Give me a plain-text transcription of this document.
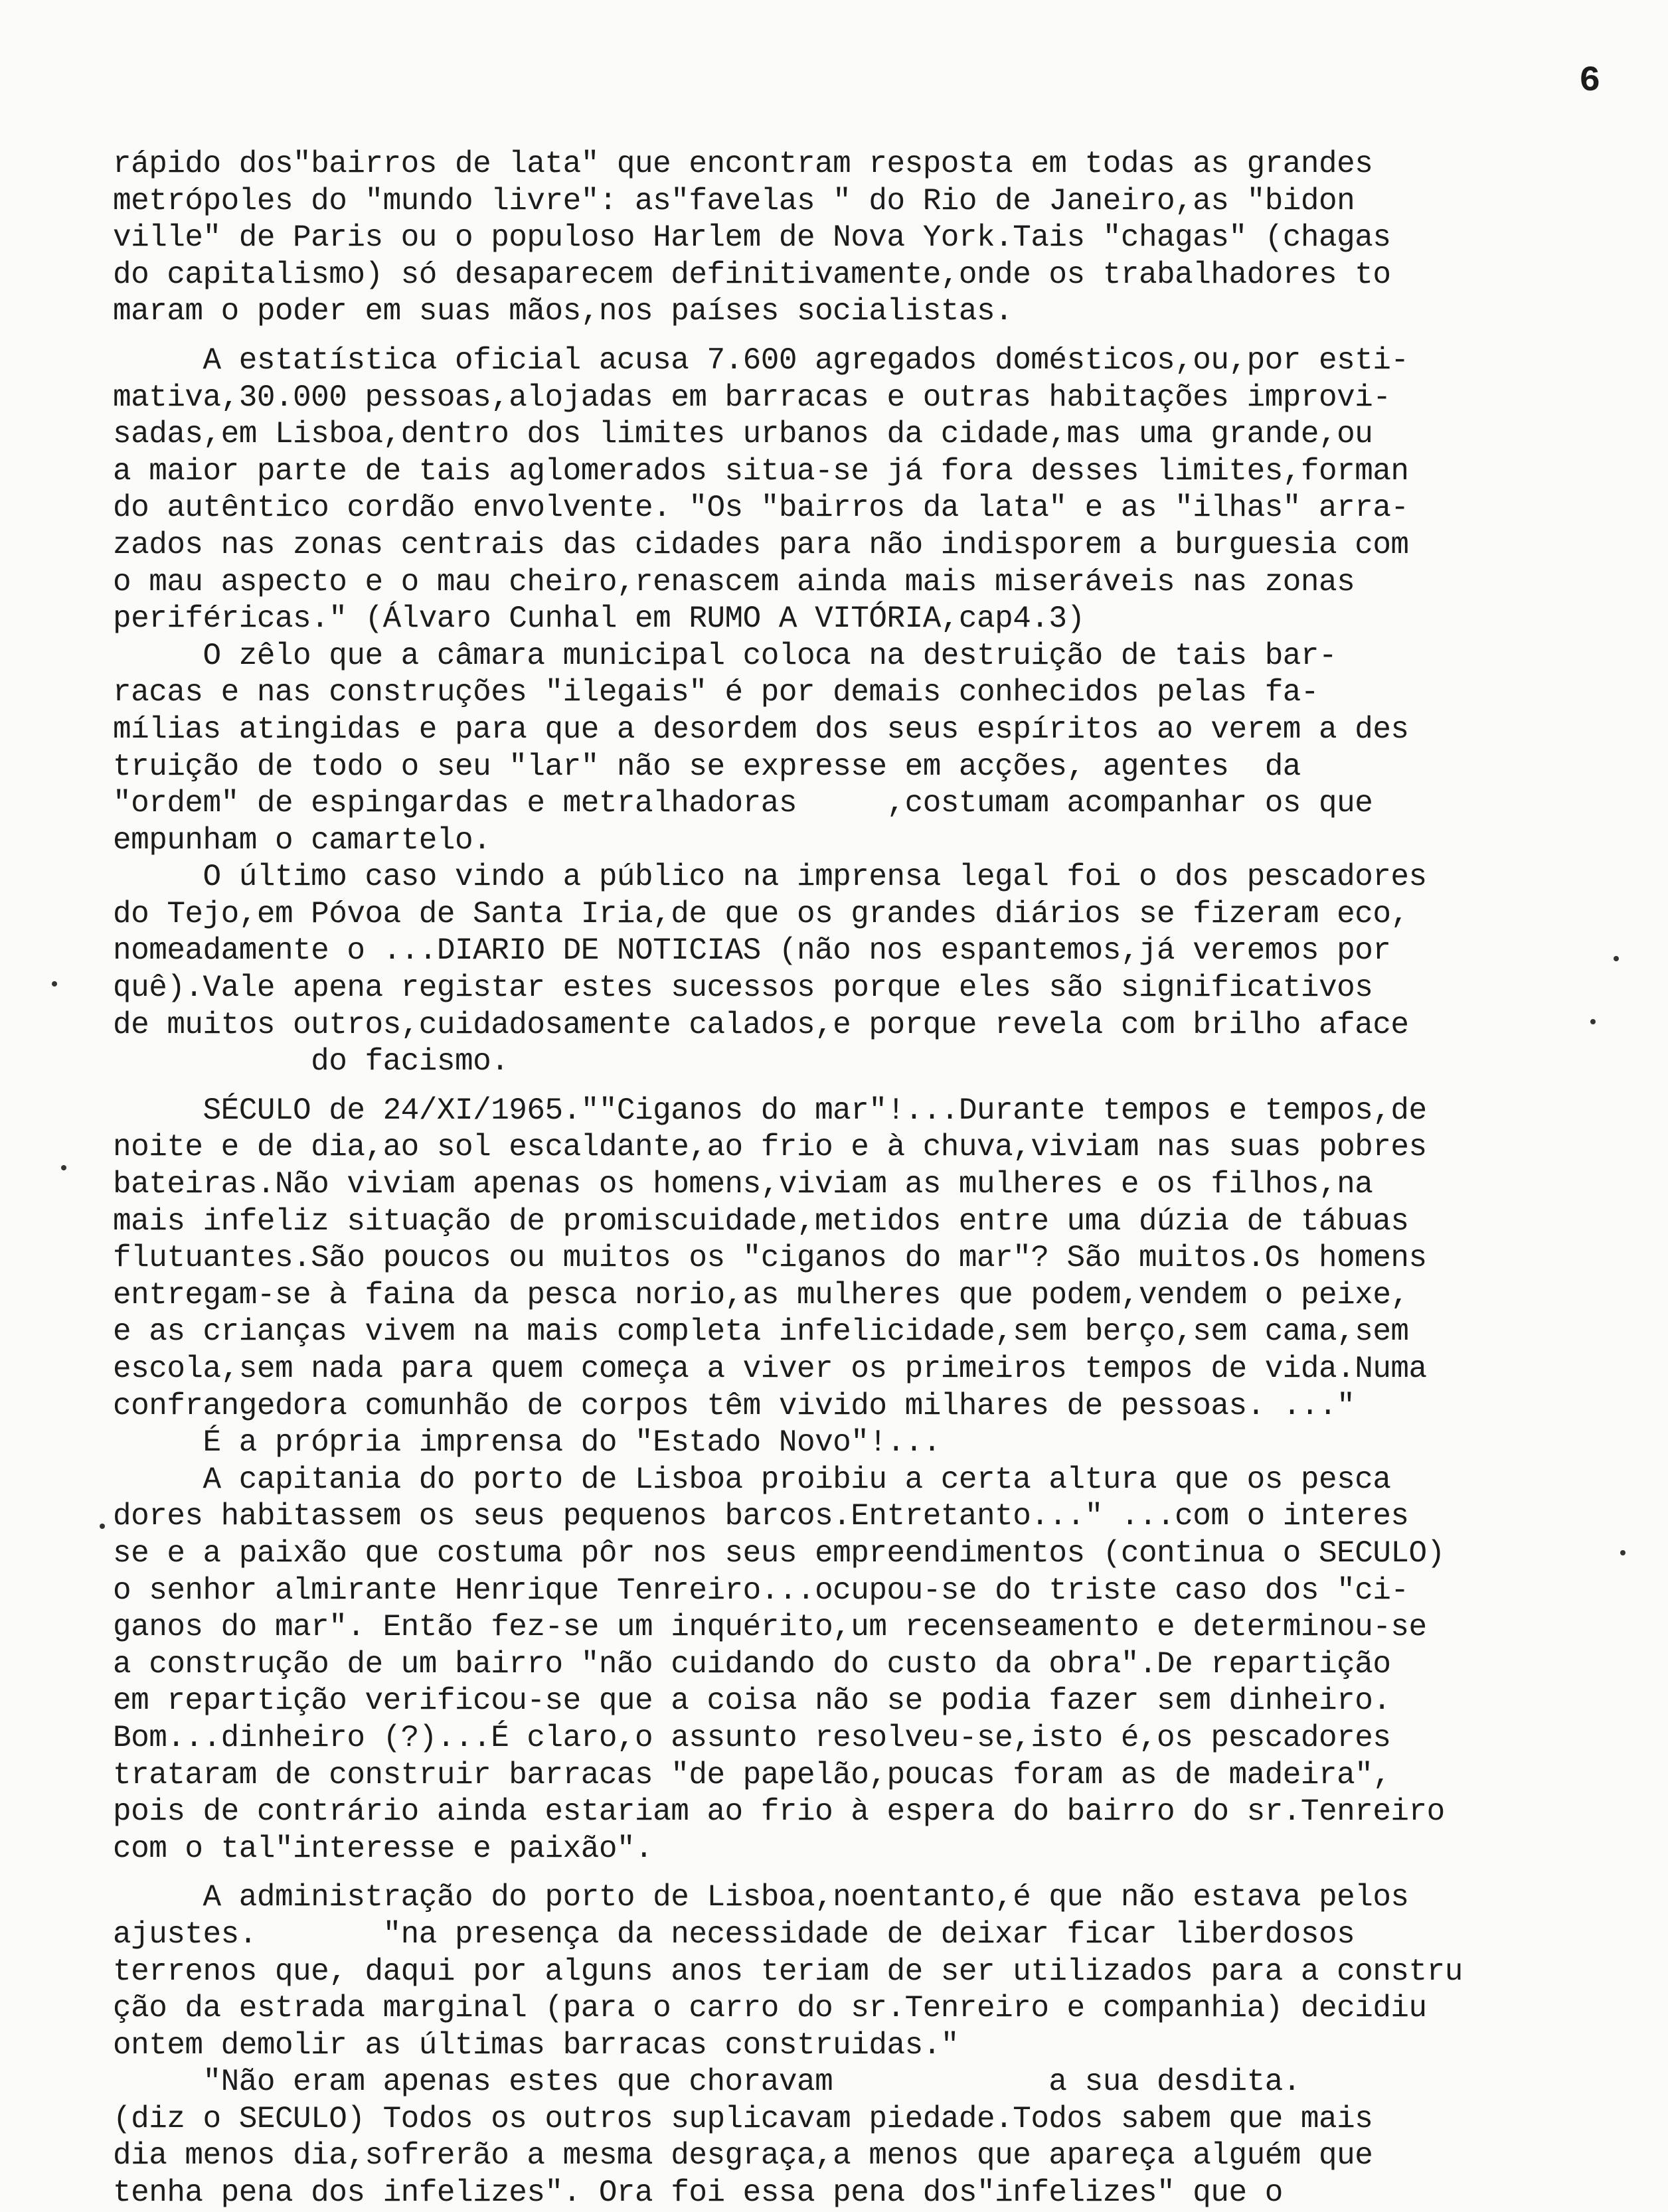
6
rápido dos"bairros de lata" que encontram resposta em todas as grandes
metrópoles do "mundo livre": as"favelas " do Rio de Janeiro,as "bidon
ville" de Paris ou o populoso Harlem de Nova York.Tais "chagas" (chagas
do capitalismo) só desaparecem definitivamente,onde os trabalhadores to
maram o poder em suas mãos,nos países socialistas.
A estatística oficial acusa 7.600 agregados domésticos,ou,por esti-
mativa,30.000 pessoas,alojadas em barracas e outras habitações improvi-
sadas,em Lisboa,dentro dos limites urbanos da cidade,mas uma grande,ou
a maior parte de tais aglomerados situa-se já fora desses limites,forman
do autêntico cordão envolvente. "Os "bairros da lata" e as "ilhas" arra-
zados nas zonas centrais das cidades para não indisporem a burguesia com
o mau aspecto e o mau cheiro,renascem ainda mais miseráveis nas zonas
periféricas." (Álvaro Cunhal em RUMO A VITÓRIA,cap4.3)
O zêlo que a câmara municipal coloca na destruição de tais bar-
racas e nas construções "ilegais" é por demais conhecidos pelas fa-
mílias atingidas e para que a desordem dos seus espíritos ao verem a des
truição de todo o seu "lar" não se expresse em acções, agentes  da
"ordem" de espingardas e metralhadoras     ,costumam acompanhar os que
empunham o camartelo.
O último caso vindo a público na imprensa legal foi o dos pescadores
do Tejo,em Póvoa de Santa Iria,de que os grandes diários se fizeram eco,
nomeadamente o ...DIARIO DE NOTICIAS (não nos espantemos,já veremos por
quê).Vale apena registar estes sucessos porque eles são significativos
de muitos outros,cuidadosamente calados,e porque revela com brilho aface
do facismo.
SÉCULO de 24/XI/1965.""Ciganos do mar"!...Durante tempos e tempos,de
noite e de dia,ao sol escaldante,ao frio e à chuva,viviam nas suas pobres
bateiras.Não viviam apenas os homens,viviam as mulheres e os filhos,na
mais infeliz situação de promiscuidade,metidos entre uma dúzia de tábuas
flutuantes.São poucos ou muitos os "ciganos do mar"? São muitos.Os homens
entregam-se à faina da pesca norio,as mulheres que podem,vendem o peixe,
e as crianças vivem na mais completa infelicidade,sem berço,sem cama,sem
escola,sem nada para quem começa a viver os primeiros tempos de vida.Numa
confrangedora comunhão de corpos têm vivido milhares de pessoas. ..."
É a própria imprensa do "Estado Novo"!...
A capitania do porto de Lisboa proibiu a certa altura que os pesca
dores habitassem os seus pequenos barcos.Entretanto..." ...com o interes
se e a paixão que costuma pôr nos seus empreendimentos (continua o SECULO)
o senhor almirante Henrique Tenreiro...ocupou-se do triste caso dos "ci-
ganos do mar". Então fez-se um inquérito,um recenseamento e determinou-se
a construção de um bairro "não cuidando do custo da obra".De repartição
em repartição verificou-se que a coisa não se podia fazer sem dinheiro.
Bom...dinheiro (?)...É claro,o assunto resolveu-se,isto é,os pescadores
trataram de construir barracas "de papelão,poucas foram as de madeira",
pois de contrário ainda estariam ao frio à espera do bairro do sr.Tenreiro
com o tal"interesse e paixão".
A administração do porto de Lisboa,noentanto,é que não estava pelos
ajustes.       "na presença da necessidade de deixar ficar liberdosos
terrenos que, daqui por alguns anos teriam de ser utilizados para a constru
ção da estrada marginal (para o carro do sr.Tenreiro e companhia) decidiu
ontem demolir as últimas barracas construidas."
"Não eram apenas estes que choravam            a sua desdita.
(diz o SECULO) Todos os outros suplicavam piedade.Todos sabem que mais
dia menos dia,sofrerão a mesma desgraça,a menos que apareça alguém que
tenha pena dos infelizes". Ora foi essa pena dos"infelizes" que o
